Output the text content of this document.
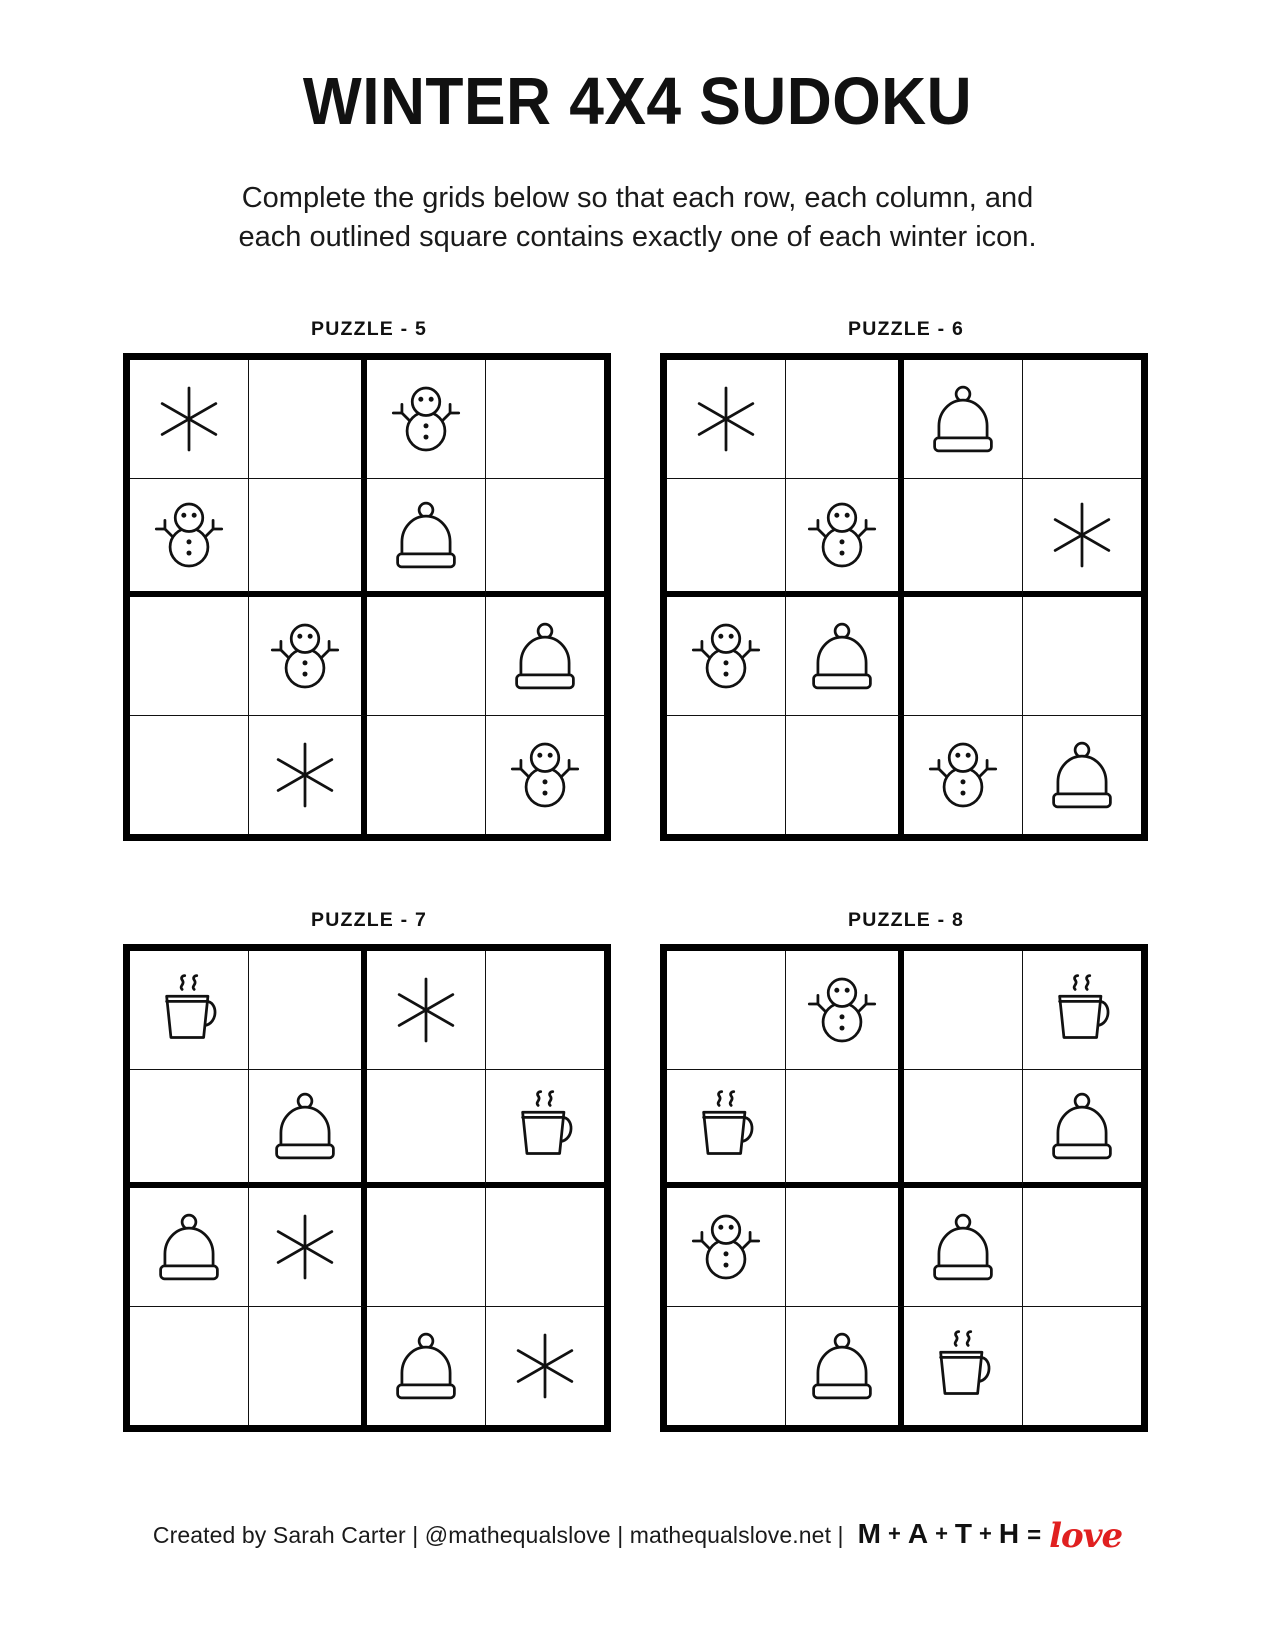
WINTER 4X4 SUDOKU

Complete the grids below so that each row, each column, and
each outlined square contains exactly one of each winter icon.

PUZZLE - 5	PUZZLE - 6
PUZZLE - 7	PUZZLE - 8
Created by Sarah Carter | @mathequalslove | mathequalslove.net | M + A + T + H = love
